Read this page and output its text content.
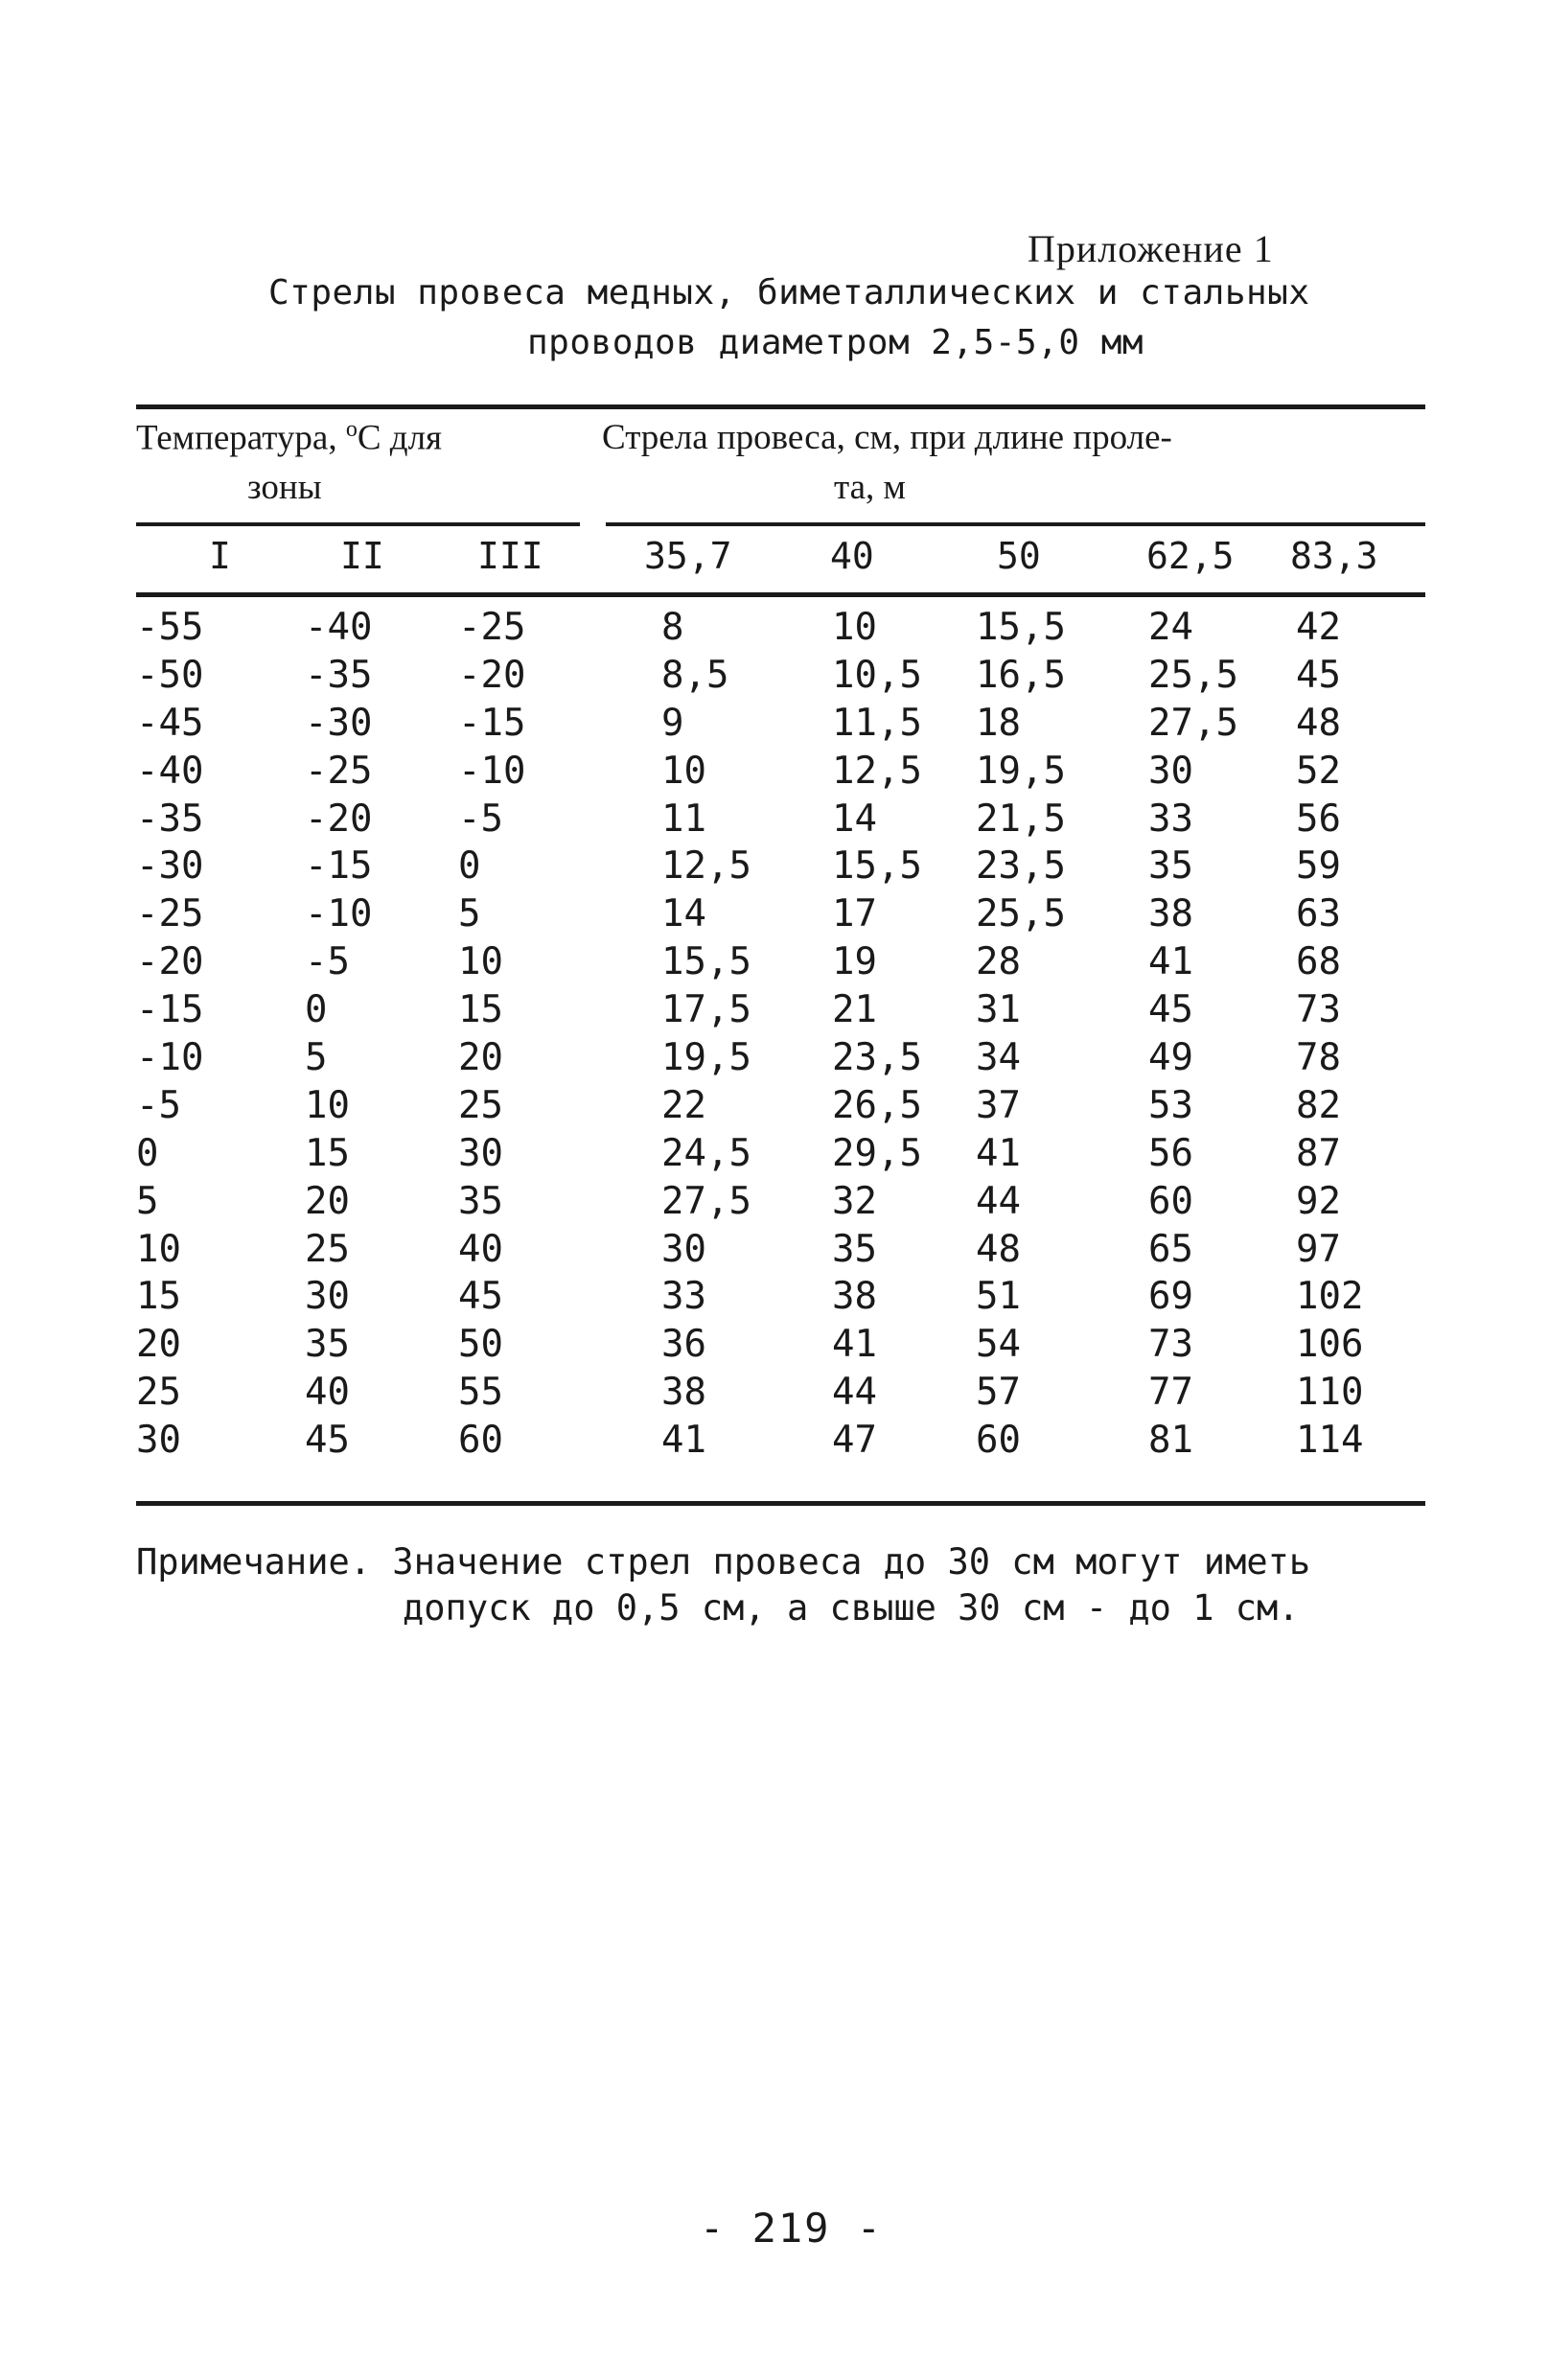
Приложение 1
Стрелы провеса медных, биметаллических и стальных
проводов диаметром 2,5-5,0 мм
Температура, $^о$С для
зоны
Стрела провеса, см, при длине проле-
та, м
I	II	III	35,7	40	50	62,5 83,3
-55	-40 -25	8	10	15,5 24	42
-50	-35 -20	8,5	10,5 16,5 25,5 45
-45	-30 -15	9	11,5 18	27,5 48
-40	-25 -10	10	12,5 19,5 30	52
-35	-20 -5	11	14	21,5 33	56
-30	-15 0	12,5 15,5 23,5 35	59
-25	-10 5	14	17	25,5 38	63
-20	-5	10	15,5 19	28	41	68
-15	0	15	17,5 21	31	45	73
-10	5	20	19,5 23,5 34	49	78
-5	10	25	22	26,5 37	53	82
0	15	30	24,5 29,5 41	56	87
5	20	35	27,5 32	44	60	92
10	25	40	30	35	48	65	97
15	30	45	33	38	51	69	102
20	35	50	36	41	54	73	106
25	40	55	38	44	57	77	110
30	45	60	41	47	60	81	114
Примечание. Значение стрел провеса до 30 см могут иметь
допуск до 0,5 см, а свыше 30 см - до 1 см.
- 219 -
